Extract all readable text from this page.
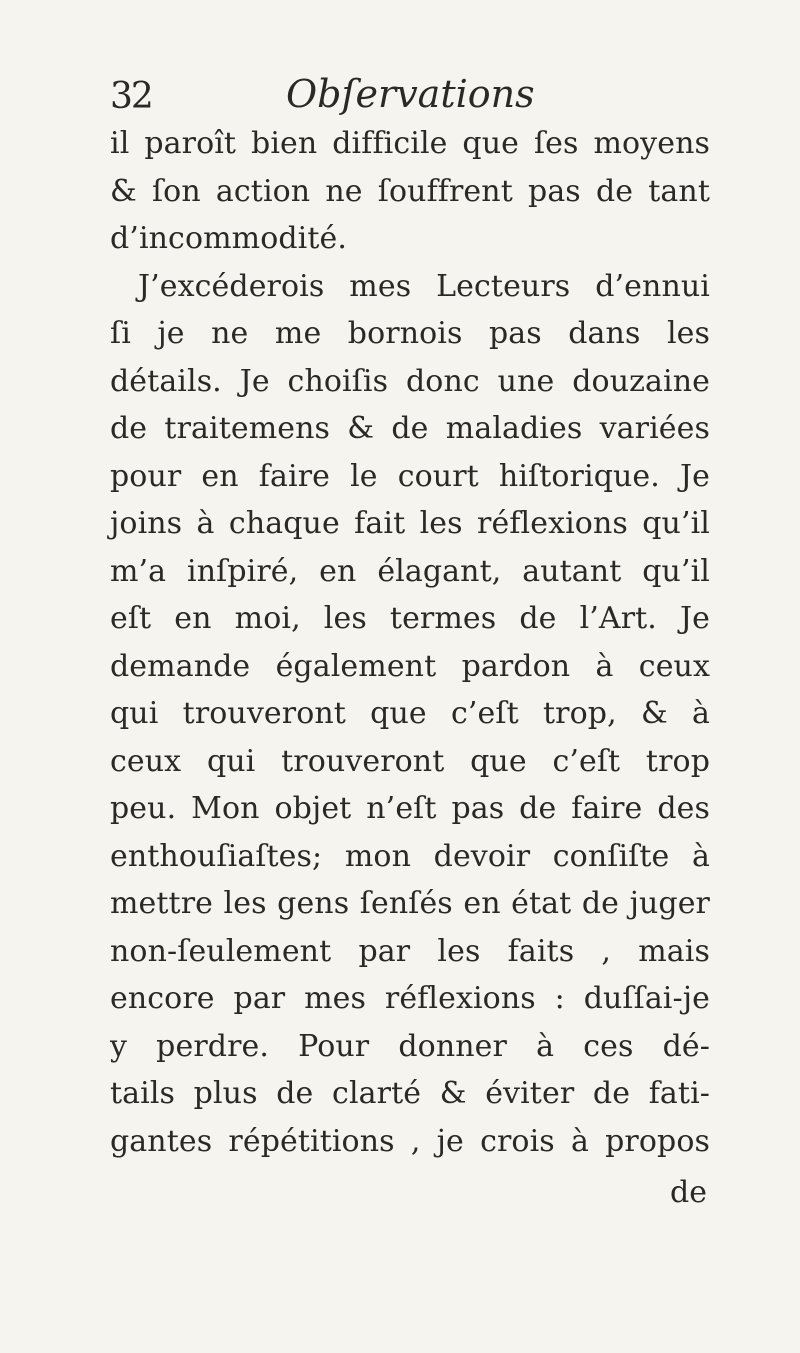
32	Obſervations
il paroît bien difficile que ſes moyens
& ſon action ne ſouffrent pas de tant
d’incommodité.
J’excéderois mes Lecteurs d’ennui
ſi je ne me bornois pas dans les
détails. Je choiſis donc une douzaine
de traitemens & de maladies variées
pour en faire le court hiſtorique. Je
joins à chaque fait les réflexions qu’il
m’a inſpiré, en élagant, autant qu’il
eſt en moi, les termes de l’Art. Je
demande également pardon à ceux
qui trouveront que c’eſt trop, & à
ceux qui trouveront que c’eſt trop
peu. Mon objet n’eſt pas de faire des
enthouſiaſtes; mon devoir conſiſte à
mettre les gens ſenſés en état de juger
non-ſeulement par les faits , mais
encore par mes réflexions : duſſai-je
y perdre. Pour donner à ces dé-
tails plus de clarté & éviter de fati-
gantes répétitions , je crois à propos
de
